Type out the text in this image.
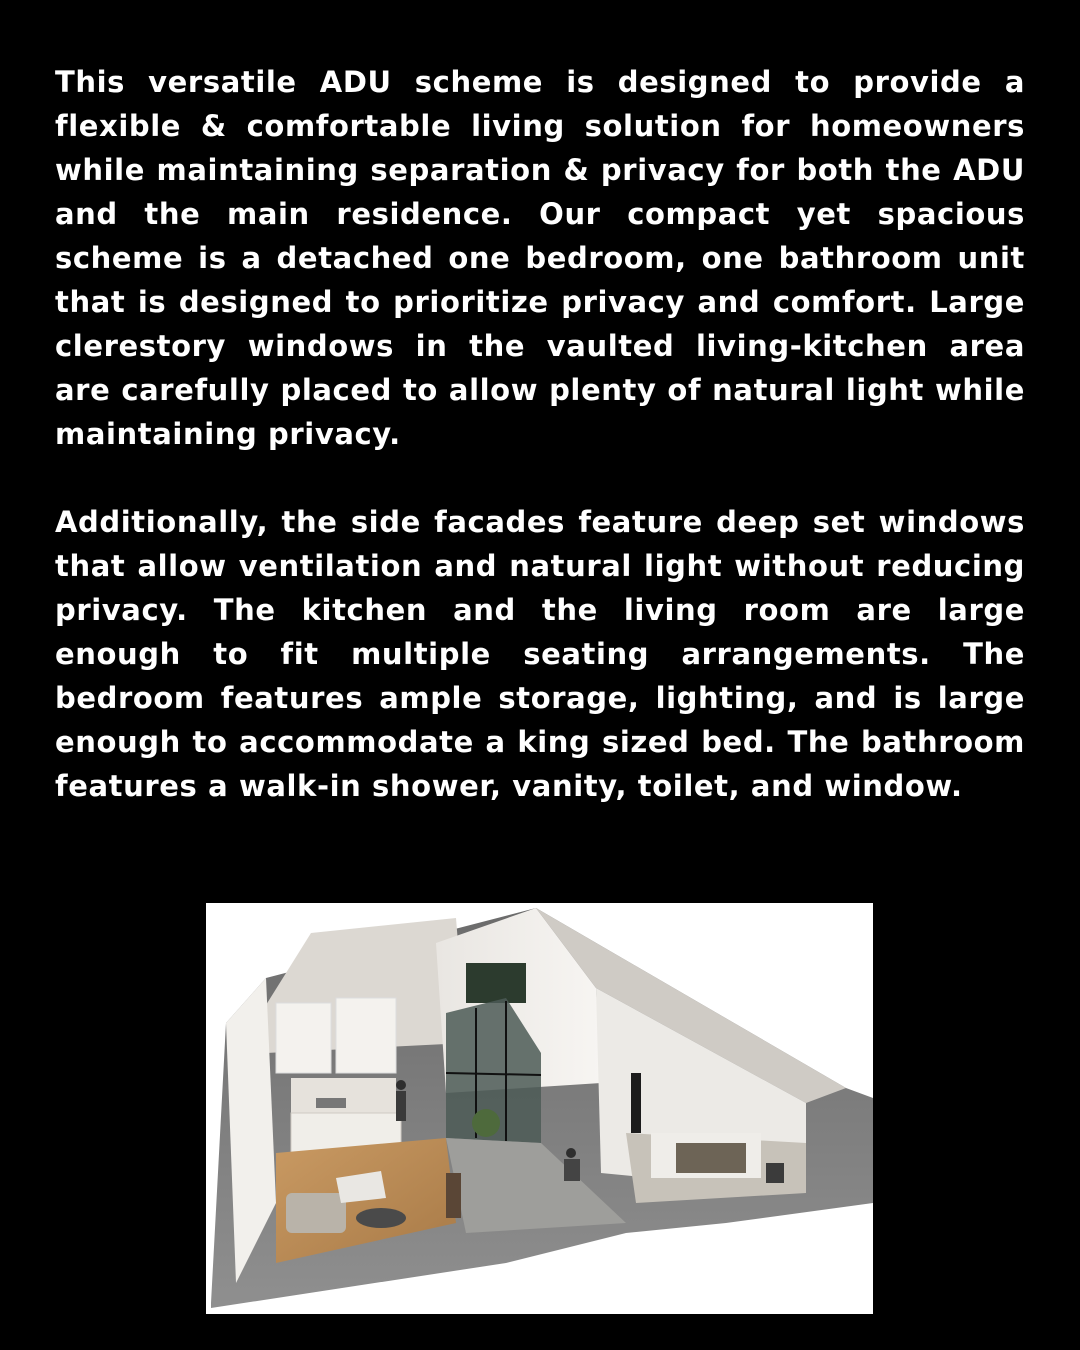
This versatile ADU scheme is designed to provide a flexible & comfortable living solution for homeowners while maintaining separation & privacy for both the ADU and the main residence. Our compact yet spacious scheme is a detached one bedroom, one bathroom unit that is designed to prioritize privacy and comfort. Large clerestory windows in the vaulted living-kitchen area are carefully placed to allow plenty of natural light while maintaining privacy.

Additionally, the side facades feature deep set windows that allow ventilation and natural light without reducing privacy. The kitchen and the living room are large enough to fit multiple seating arrangements. The bedroom features ample storage, lighting, and is large enough to accommodate a king sized bed. The bathroom features a walk-in shower, vanity, toilet, and window.
